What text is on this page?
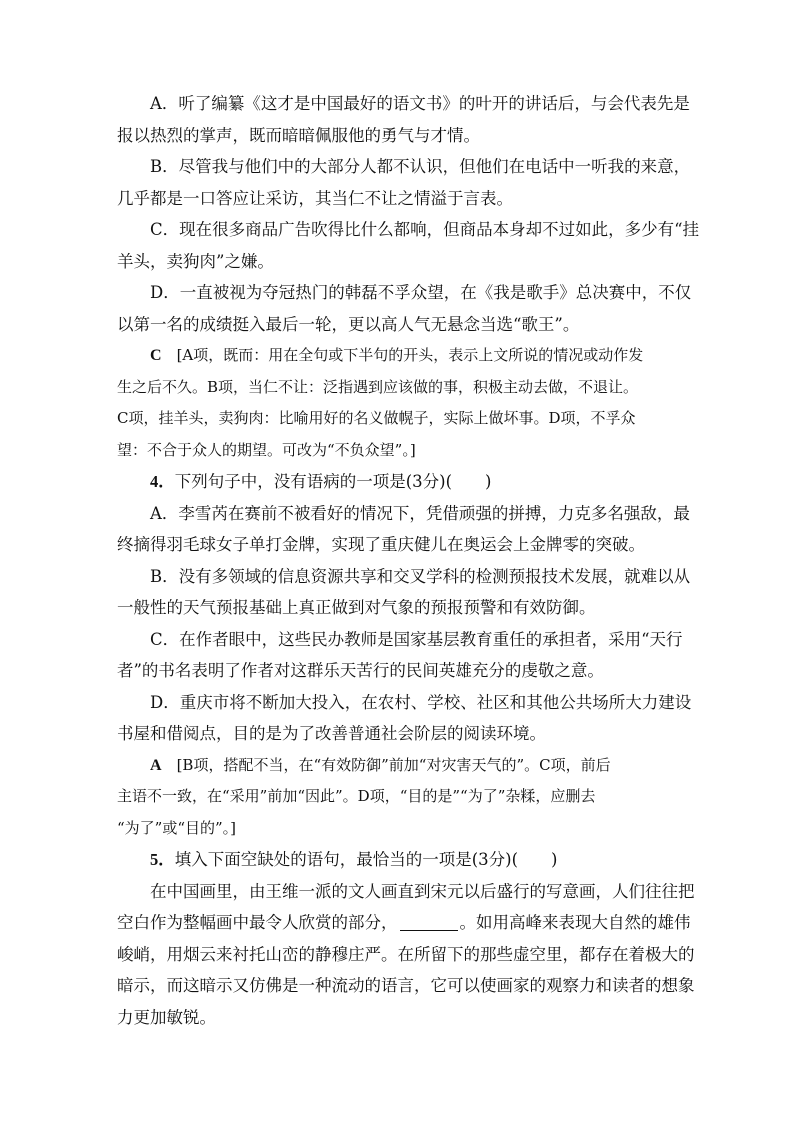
A．听了编纂《这才是中国最好的语文书》的叶开的讲话后，与会代表先是
报以热烈的掌声，既而暗暗佩服他的勇气与才情。
B．尽管我与他们中的大部分人都不认识，但他们在电话中一听我的来意，
几乎都是一口答应让采访，其当仁不让之情溢于言表。
C．现在很多商品广告吹得比什么都响，但商品本身却不过如此，多少有“挂
羊头，卖狗肉”之嫌。
D．一直被视为夺冠热门的韩磊不孚众望，在《我是歌手》总决赛中，不仅
以第一名的成绩挺入最后一轮，更以高人气无悬念当选“歌王”。
C  [A项，既而：用在全句或下半句的开头，表示上文所说的情况或动作发
生之后不久。B项，当仁不让：泛指遇到应该做的事，积极主动去做，不退让。
C项，挂羊头，卖狗肉：比喻用好的名义做幌子，实际上做坏事。D项，不孚众
望：不合于众人的期望。可改为“不负众望”。]
4．下列句子中，没有语病的一项是(3分)(　　)
A．李雪芮在赛前不被看好的情况下，凭借顽强的拼搏，力克多名强敌，最
终摘得羽毛球女子单打金牌，实现了重庆健儿在奥运会上金牌零的突破。
B．没有多领域的信息资源共享和交叉学科的检测预报技术发展，就难以从
一般性的天气预报基础上真正做到对气象的预报预警和有效防御。
C．在作者眼中，这些民办教师是国家基层教育重任的承担者，采用“天行
者”的书名表明了作者对这群乐天苦行的民间英雄充分的虔敬之意。
D．重庆市将不断加大投入，在农村、学校、社区和其他公共场所大力建设
书屋和借阅点，目的是为了改善普通社会阶层的阅读环境。
A  [B项，搭配不当，在“有效防御”前加“对灾害天气的”。C项，前后
主语不一致，在“采用”前加“因此”。D项，“目的是”“为了”杂糅，应删去
“为了”或“目的”。]
5．填入下面空缺处的语句，最恰当的一项是(3分)(　　)
在中国画里，由王维一派的文人画直到宋元以后盛行的写意画，人们往往把
空白作为整幅画中最令人欣赏的部分，	。如用高峰来表现大自然的雄伟
峻峭，用烟云来衬托山峦的静穆庄严。在所留下的那些虚空里，都存在着极大的
暗示，而这暗示又仿佛是一种流动的语言，它可以使画家的观察力和读者的想象
力更加敏锐。
